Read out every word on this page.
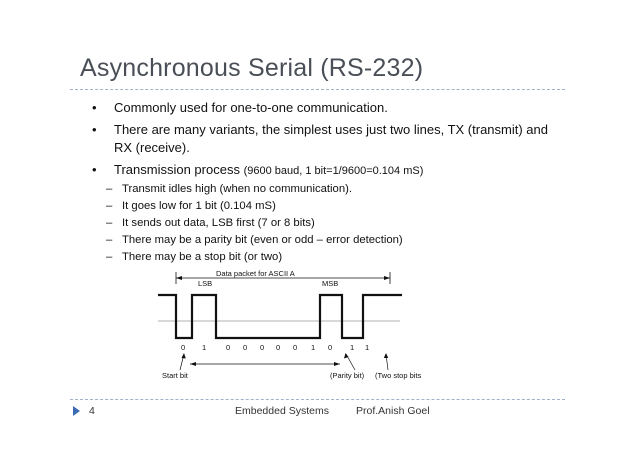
Asynchronous Serial (RS-232)
• Commonly used for one-to-one communication.
• There are many variants, the simplest uses just two lines, TX (transmit) and RX (receive).
• Transmission process (9600 baud, 1 bit=1/9600=0.104 mS)
– Transmit idles high (when no communication).
– It goes low for 1 bit (0.104 mS)
– It sends out data, LSB first (7 or 8 bits)
– There may be a parity bit (even or odd – error detection)
– There may be a stop bit (or two)
Data packet for ASCII A
LSB	MSB
0 1	0 0 0 0 0 1 0 1 1
Start bit	(Parity bit) (Two stop bits
4	Embedded Systems	Prof.Anish Goel
